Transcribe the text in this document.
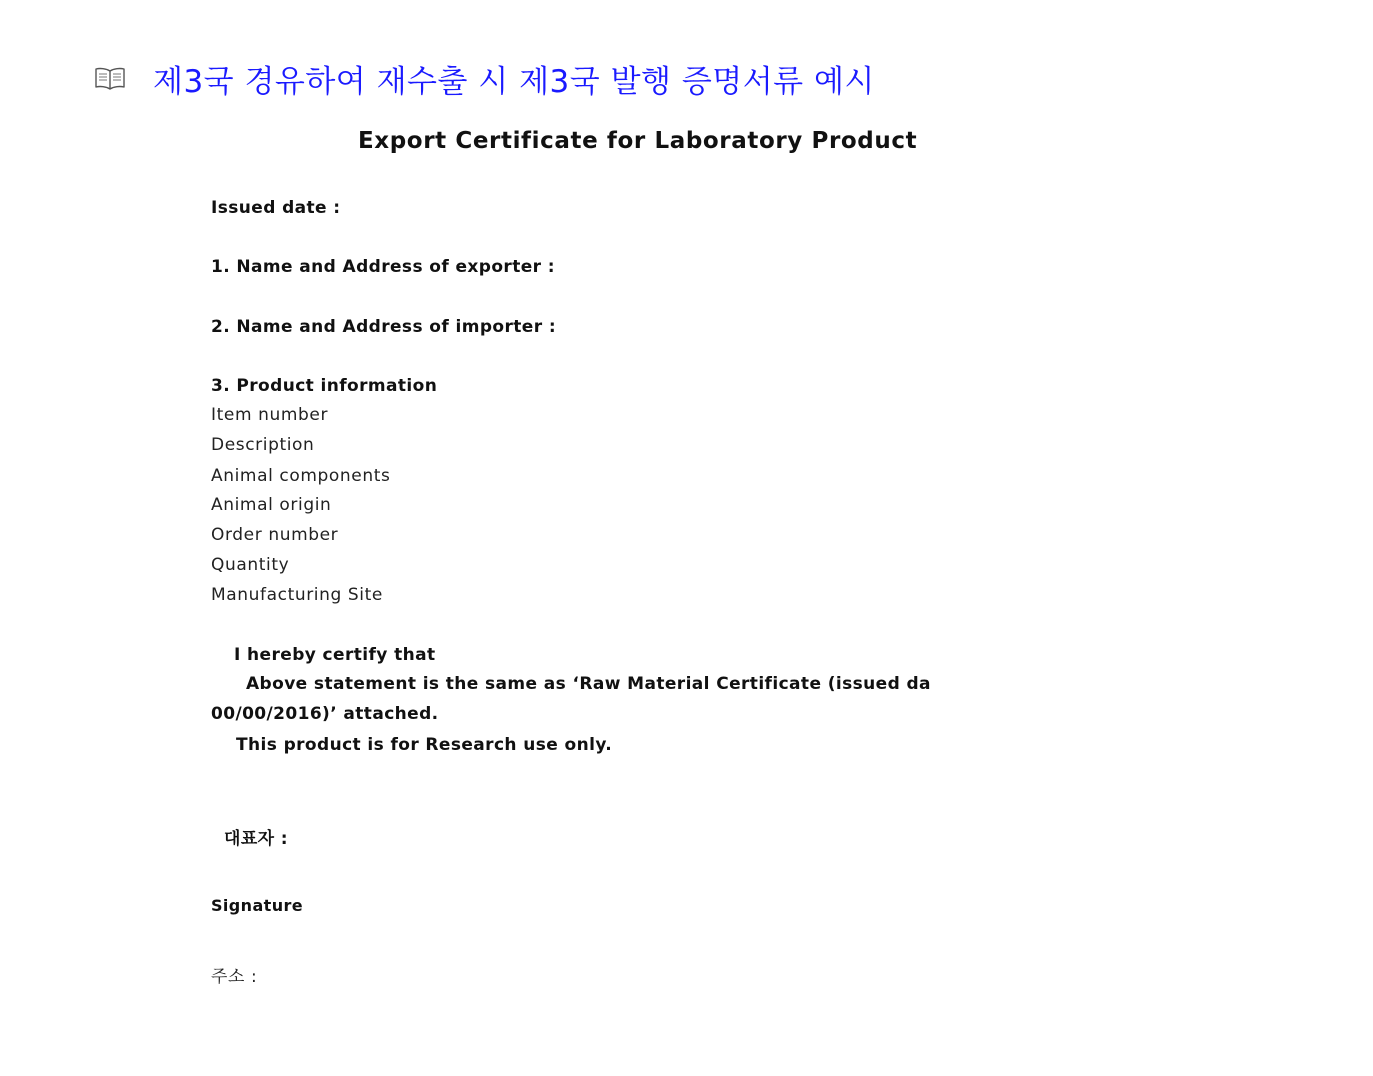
제3국 경유하여 재수출 시 제3국 발행 증명서류 예시
Export Certificate for Laboratory Product
Issued date :
1. Name and Address of exporter :
2. Name and Address of importer :
3. Product information
Item number
Description
Animal components
Animal origin
Order number
Quantity
Manufacturing Site
I hereby certify that
Above statement is the same as ‘Raw Material Certificate (issued da
00/00/2016)’ attached.
This product is for Research use only.
대표자 :
Signature
주소 :
